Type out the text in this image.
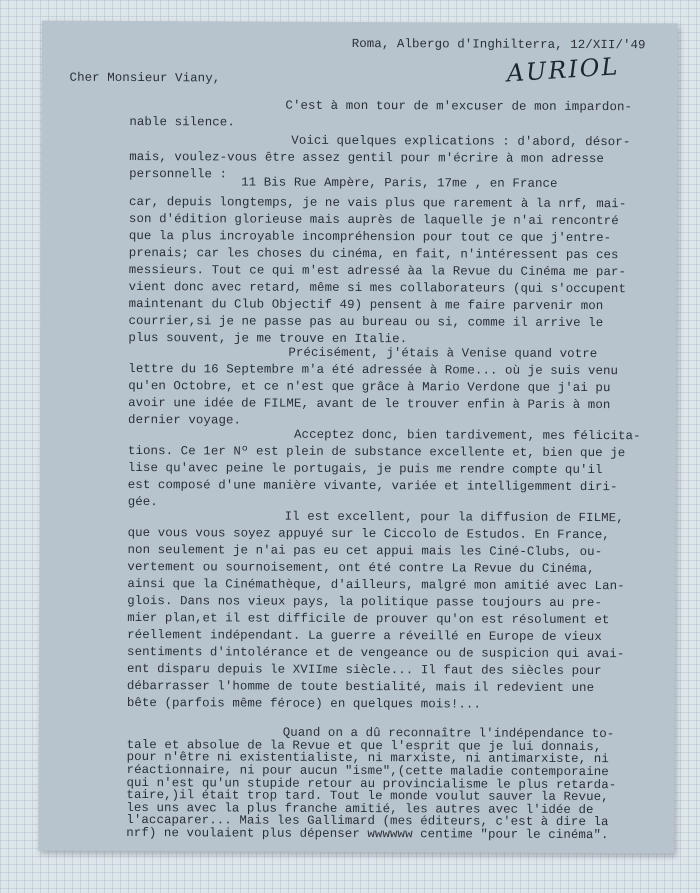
Roma, Albergo d'Inghilterra, 12/XII/'49
AURIOL
Cher Monsieur Viany,
C'est à mon tour de m'excuser de mon impardon-
nable silence.
Voici quelques explications : d'abord, désor-
mais, voulez-vous être assez gentil pour m'écrire à mon adresse
personnelle :
11 Bis Rue Ampère, Paris, 17me , en France
car, depuis longtemps, je ne vais plus que rarement à la nrf, mai-
son d'édition glorieuse mais auprès de laquelle je n'ai rencontré
que la plus incroyable incompréhension pour tout ce que j'entre-
prenais; car les choses du cinéma, en fait, n'intéressent pas ces
messieurs. Tout ce qui m'est adressé àa la Revue du Cinéma me par-
vient donc avec retard, même si mes collaborateurs (qui s'occupent
maintenant du Club Objectif 49) pensent à me faire parvenir mon
courrier,si je ne passe pas au bureau ou si, comme il arrive le
plus souvent, je me trouve en Italie.
Précisément, j'étais à Venise quand votre
lettre du 16 Septembre m'a été adressée à Rome... où je suis venu
qu'en Octobre, et ce n'est que grâce à Mario Verdone que j'ai pu
avoir une idée de FILME, avant de le trouver enfin à Paris à mon
dernier voyage.
Acceptez donc, bien tardivement, mes félicita-
tions. Ce 1er Nº est plein de substance excellente et, bien que je
lise qu'avec peine le portugais, je puis me rendre compte qu'il
est composé d'une manière vivante, variée et intelligemment diri-
gée.
Il est excellent, pour la diffusion de FILME,
que vous vous soyez appuyé sur le Ciccolo de Estudos. En France,
non seulement je n'ai pas eu cet appui mais les Ciné-Clubs, ou-
vertement ou sournoisement, ont été contre La Revue du Cinéma,
ainsi que la Cinémathèque, d'ailleurs, malgré mon amitié avec Lan-
glois. Dans nos vieux pays, la politique passe toujours au pre-
mier plan,et il est difficile de prouver qu'on est résolument et
réellement indépendant. La guerre a réveillé en Europe de vieux
sentiments d'intolérance et de vengeance ou de suspicion qui avai-
ent disparu depuis le XVIIme siècle... Il faut des siècles pour
débarrasser l'homme de toute bestialité, mais il redevient une
bête (parfois même féroce) en quelques mois!...
Quand on a dû reconnaître l'indépendance to-
tale et absolue de la Revue et que l'esprit que je lui donnais,
pour n'être ni existentialiste, ni marxiste, ni antimarxiste, ni
réactionnaire, ni pour aucun "isme",(cette maladie contemporaine
qui n'est qu'un stupide retour au provincialisme le plus retarda-
taire,)il était trop tard. Tout le monde voulut sauver la Revue,
les uns avec la plus franche amitié, les autres avec l'idée de
l'accaparer... Mais les Gallimard (mes éditeurs, c'est à dire la
nrf) ne voulaient plus dépenser wwwwww centime "pour le cinéma".
